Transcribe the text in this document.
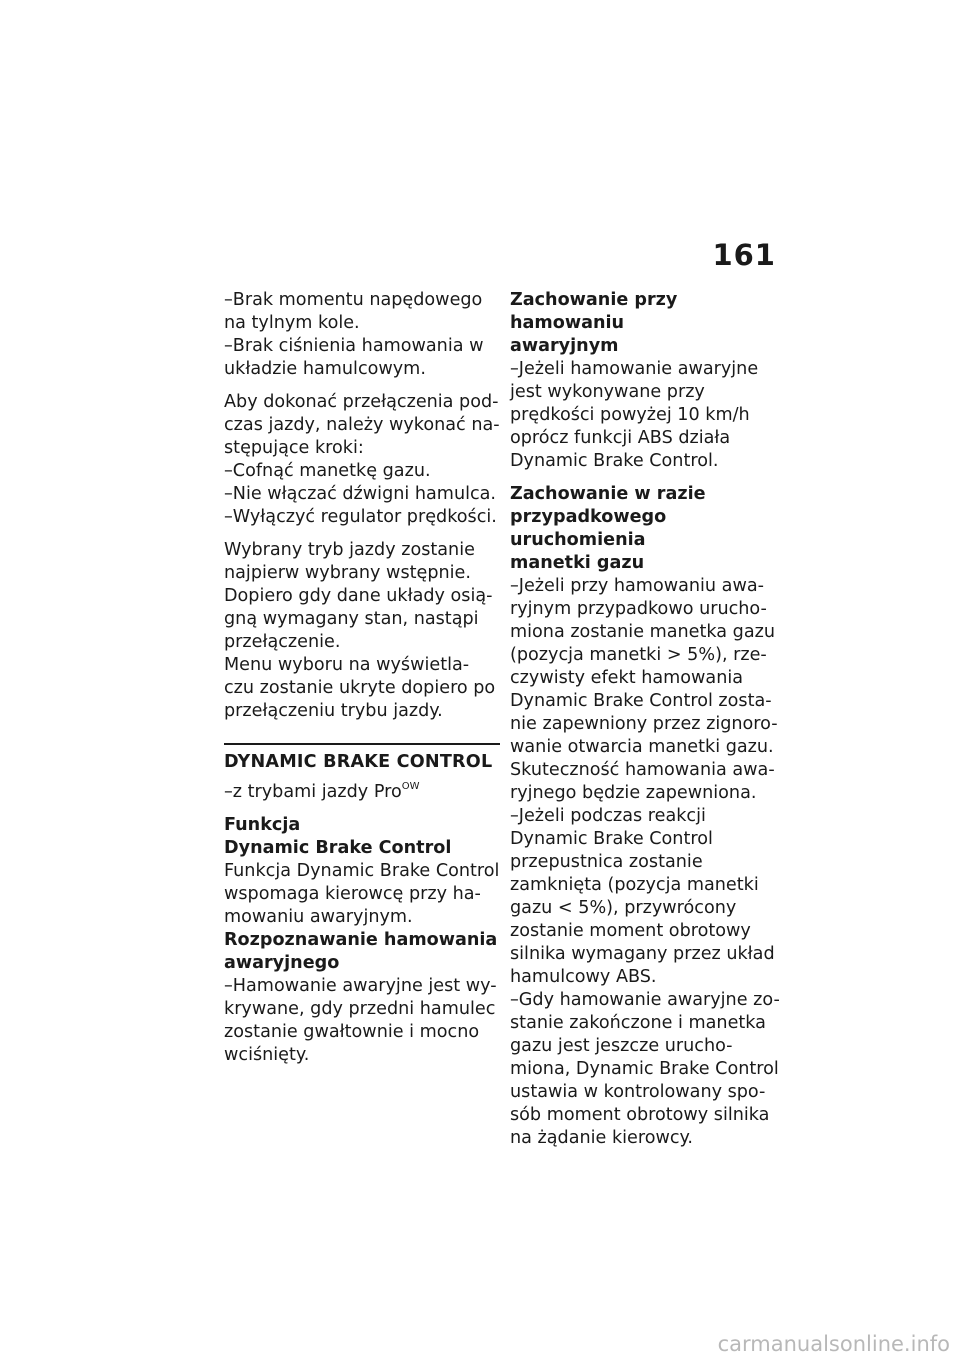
161
–Brak momentu napędowego
na tylnym kole.
–Brak ciśnienia hamowania w
układzie hamulcowym.
Aby dokonać przełączenia pod-
czas jazdy, należy wykonać na-
stępujące kroki:
–Cofnąć manetkę gazu.
–Nie włączać dźwigni hamulca.
–Wyłączyć regulator prędkości.
Wybrany tryb jazdy zostanie
najpierw wybrany wstępnie.
Dopiero gdy dane układy osią-
gną wymagany stan, nastąpi
przełączenie.
Menu wyboru na wyświetla-
czu zostanie ukryte dopiero po
przełączeniu trybu jazdy.
DYNAMIC BRAKE CONTROL
–z trybami jazdy Pro$^{OW}$
Funkcja
Dynamic Brake Control
Funkcja Dynamic Brake Control
wspomaga kierowcę przy ha-
mowaniu awaryjnym.
Rozpoznawanie hamowania
awaryjnego
–Hamowanie awaryjne jest wy-
krywane, gdy przedni hamulec
zostanie gwałtownie i mocno
wciśnięty.
Zachowanie przy hamowaniu
awaryjnym
–Jeżeli hamowanie awaryjne
jest wykonywane przy
prędkości powyżej 10 km/h
oprócz funkcji ABS działa
Dynamic Brake Control.
Zachowanie w razie
przypadkowego uruchomienia
manetki gazu
–Jeżeli przy hamowaniu awa-
ryjnym przypadkowo urucho-
miona zostanie manetka gazu
(pozycja manetki > 5%), rze-
czywisty efekt hamowania
Dynamic Brake Control zosta-
nie zapewniony przez zignoro-
wanie otwarcia manetki gazu.
Skuteczność hamowania awa-
ryjnego będzie zapewniona.
–Jeżeli podczas reakcji
Dynamic Brake Control
przepustnica zostanie
zamknięta (pozycja manetki
gazu < 5%), przywrócony
zostanie moment obrotowy
silnika wymagany przez układ
hamulcowy ABS.
–Gdy hamowanie awaryjne zo-
stanie zakończone i manetka
gazu jest jeszcze urucho-
miona, Dynamic Brake Control
ustawia w kontrolowany spo-
sób moment obrotowy silnika
na żądanie kierowcy.
carmanualsonline.info
